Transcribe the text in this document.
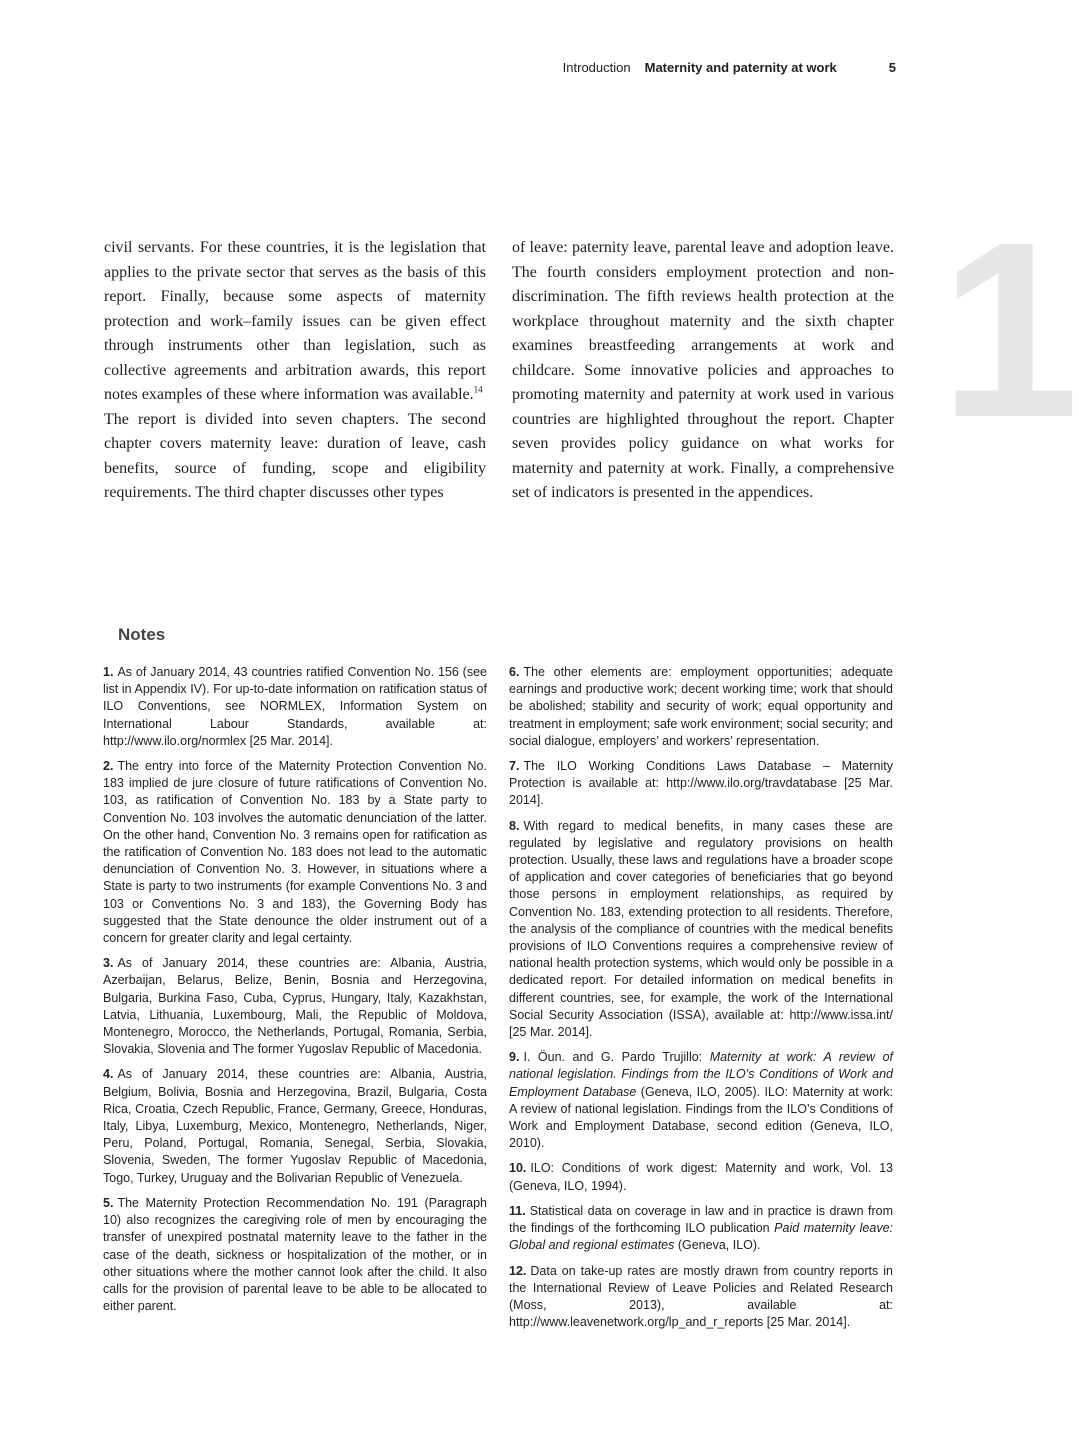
Introduction Maternity and paternity at work	5
1

civil servants. For these countries, it is the legislation that applies to the private sector that serves as the basis of this report. Finally, because some aspects of maternity protection and work–family issues can be given effect through instruments other than legislation, such as collective agreements and arbitration awards, this report notes examples of these where information was available.$^{14}$

The report is divided into seven chapters. The second chapter covers maternity leave: duration of leave, cash benefits, source of funding, scope and eligibility requirements. The third chapter discusses other types

of leave: paternity leave, parental leave and adoption leave. The fourth considers employment protection and non-discrimination. The fifth reviews health protection at the workplace throughout maternity and the sixth chapter examines breastfeeding arrangements at work and childcare. Some innovative policies and approaches to promoting maternity and paternity at work used in various countries are highlighted throughout the report. Chapter seven provides policy guidance on what works for maternity and paternity at work. Finally, a comprehensive set of indicators is presented in the appendices.

Notes

1. As of January 2014, 43 countries ratified Convention No. 156 (see list in Appendix IV). For up-to-date information on ratification status of ILO Conventions, see NORMLEX, Information System on International Labour Standards, available at: http://www.ilo.org/normlex [25 Mar. 2014].

2. The entry into force of the Maternity Protection Convention No. 183 implied de jure closure of future ratifications of Convention No. 103, as ratification of Convention No. 183 by a State party to Convention No. 103 involves the automatic denunciation of the latter. On the other hand, Convention No. 3 remains open for ratification as the ratification of Convention No. 183 does not lead to the automatic denunciation of Convention No. 3. However, in situations where a State is party to two instruments (for example Conventions No. 3 and 103 or Conventions No. 3 and 183), the Governing Body has suggested that the State denounce the older instrument out of a concern for greater clarity and legal certainty.

3. As of January 2014, these countries are: Albania, Austria, Azerbaijan, Belarus, Belize, Benin, Bosnia and Herzegovina, Bulgaria, Burkina Faso, Cuba, Cyprus, Hungary, Italy, Kazakhstan, Latvia, Lithuania, Luxembourg, Mali, the Republic of Moldova, Montenegro, Morocco, the Netherlands, Portugal, Romania, Serbia, Slovakia, Slovenia and The former Yugoslav Republic of Macedonia.

4. As of January 2014, these countries are: Albania, Austria, Belgium, Bolivia, Bosnia and Herzegovina, Brazil, Bulgaria, Costa Rica, Croatia, Czech Republic, France, Germany, Greece, Honduras, Italy, Libya, Luxemburg, Mexico, Montenegro, Netherlands, Niger, Peru, Poland, Portugal, Romania, Senegal, Serbia, Slovakia, Slovenia, Sweden, The former Yugoslav Republic of Macedonia, Togo, Turkey, Uruguay and the Bolivarian Republic of Venezuela.

5. The Maternity Protection Recommendation No. 191 (Paragraph 10) also recognizes the caregiving role of men by encouraging the transfer of unexpired postnatal maternity leave to the father in the case of the death, sickness or hospitalization of the mother, or in other situations where the mother cannot look after the child. It also calls for the provision of parental leave to be able to be allocated to either parent.

6. The other elements are: employment opportunities; adequate earnings and productive work; decent working time; work that should be abolished; stability and security of work; equal opportunity and treatment in employment; safe work environment; social security; and social dialogue, employers’ and workers’ representation.

7. The ILO Working Conditions Laws Database – Maternity Protection is available at: http://www.ilo.org/travdatabase [25 Mar. 2014].

8. With regard to medical benefits, in many cases these are regulated by legislative and regulatory provisions on health protection. Usually, these laws and regulations have a broader scope of application and cover categories of beneficiaries that go beyond those persons in employment relationships, as required by Convention No. 183, extending protection to all residents. Therefore, the analysis of the compliance of countries with the medical benefits provisions of ILO Conventions requires a comprehensive review of national health protection systems, which would only be possible in a dedicated report. For detailed information on medical benefits in different countries, see, for example, the work of the International Social Security Association (ISSA), available at: http://www.issa.int/ [25 Mar. 2014].

9. I. Öun. and G. Pardo Trujillo: Maternity at work: A review of national legislation. Findings from the ILO’s Conditions of Work and Employment Database (Geneva, ILO, 2005). ILO: Maternity at work: A review of national legislation. Findings from the ILO’s Conditions of Work and Employment Database, second edition (Geneva, ILO, 2010).

10. ILO: Conditions of work digest: Maternity and work, Vol. 13 (Geneva, ILO, 1994).

11. Statistical data on coverage in law and in practice is drawn from the findings of the forthcoming ILO publication Paid maternity leave: Global and regional estimates (Geneva, ILO).

12. Data on take-up rates are mostly drawn from country reports in the International Review of Leave Policies and Related Research (Moss, 2013), available at: http://www.leavenetwork.org/lp_and_r_reports [25 Mar. 2014].
